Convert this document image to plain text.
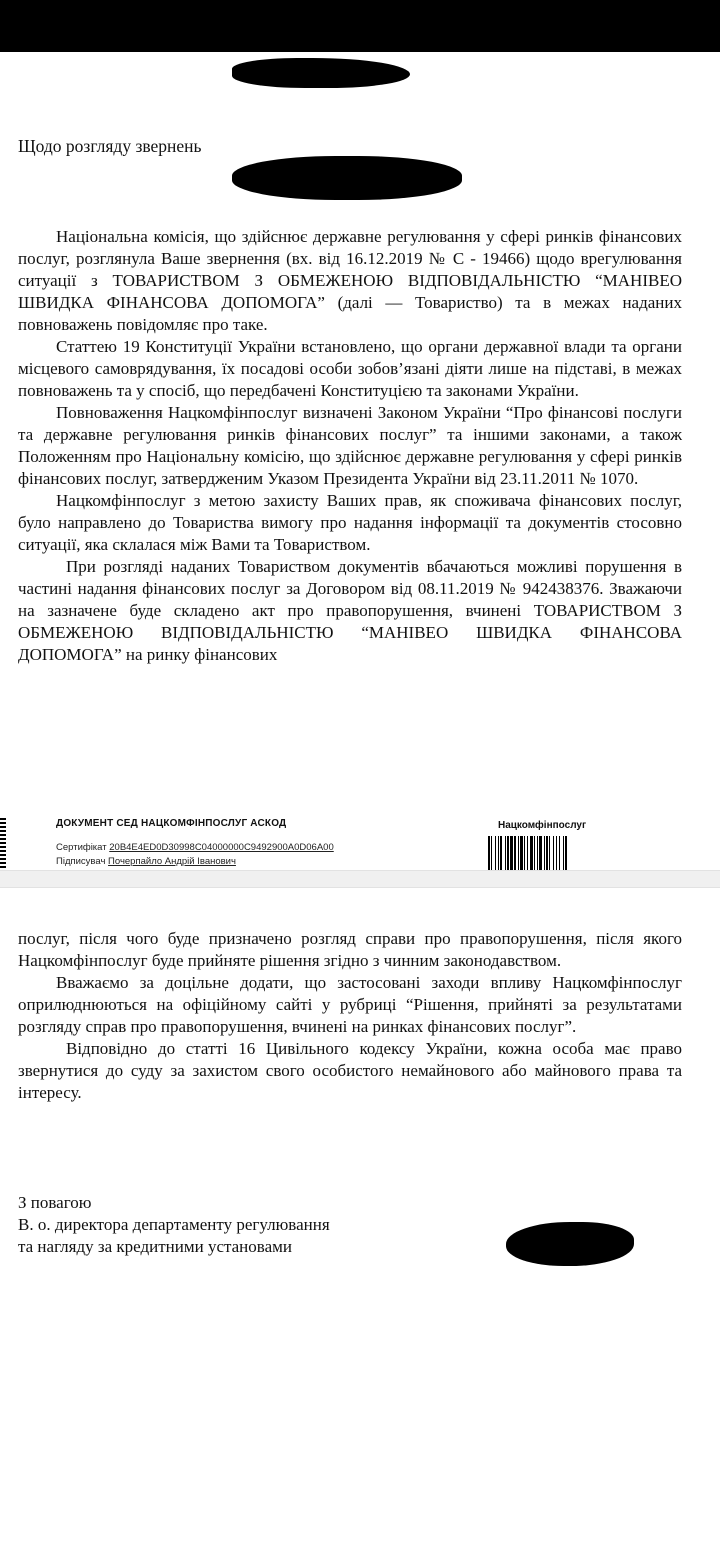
Щодо розгляду звернень

Національна комісія, що здійснює державне регулювання у сфері ринків фінансових послуг, розглянула Ваше звернення (вх. від 16.12.2019 № С - 19466) щодо врегулювання ситуації з ТОВАРИСТВОМ З ОБМЕЖЕНОЮ ВІДПОВІДАЛЬНІСТЮ “МАНІВЕО ШВИДКА ФІНАНСОВА ДОПОМОГА” (далі — Товариство) та в межах наданих повноважень повідомляє про таке.

Статтею 19 Конституції України встановлено, що органи державної влади та органи місцевого самоврядування, їх посадові особи зобов’язані діяти лише на підставі, в межах повноважень та у спосіб, що передбачені Конституцією та законами України.

Повноваження Нацкомфінпослуг визначені Законом України “Про фінансові послуги та державне регулювання ринків фінансових послуг” та іншими законами, а також Положенням про Національну комісію, що здійснює державне регулювання у сфері ринків фінансових послуг, затвердженим Указом Президента України від 23.11.2011 № 1070.

Нацкомфінпослуг з метою захисту Ваших прав, як споживача фінансових послуг, було направлено до Товариства вимогу про надання інформації та документів стосовно ситуації, яка склалася між Вами та Товариством.

При розгляді наданих Товариством документів вбачаються можливі порушення в частині надання фінансових послуг за Договором від 08.11.2019 № 942438376. Зважаючи на зазначене буде складено акт про правопорушення, вчинені ТОВАРИСТВОМ З ОБМЕЖЕНОЮ ВІДПОВІДАЛЬНІСТЮ “МАНІВЕО ШВИДКА ФІНАНСОВА ДОПОМОГА” на ринку фінансових

ДОКУМЕНТ СЕД НАЦКОМФІНПОСЛУГ АСКОД
Сертифікат 20B4E4ED0D30998C04000000C9492900A0D06A00
Підписувач Почерпайло Андрій Іванович
Нацкомфінпослуг

послуг, після чого буде призначено розгляд справи про правопорушення, після якого Нацкомфінпослуг буде прийняте рішення згідно з чинним законодавством.

Вважаємо за доцільне додати, що застосовані заходи впливу Нацкомфінпослуг оприлюднюються на офіційному сайті у рубриці “Рішення, прийняті за результатами розгляду справ про правопорушення, вчинені на ринках фінансових послуг”.

Відповідно до статті 16 Цивільного кодексу України, кожна особа має право звернутися до суду за захистом свого особистого немайнового або майнового права та інтересу.

З повагою
В. о. директора департаменту регулювання
та нагляду за кредитними установами
